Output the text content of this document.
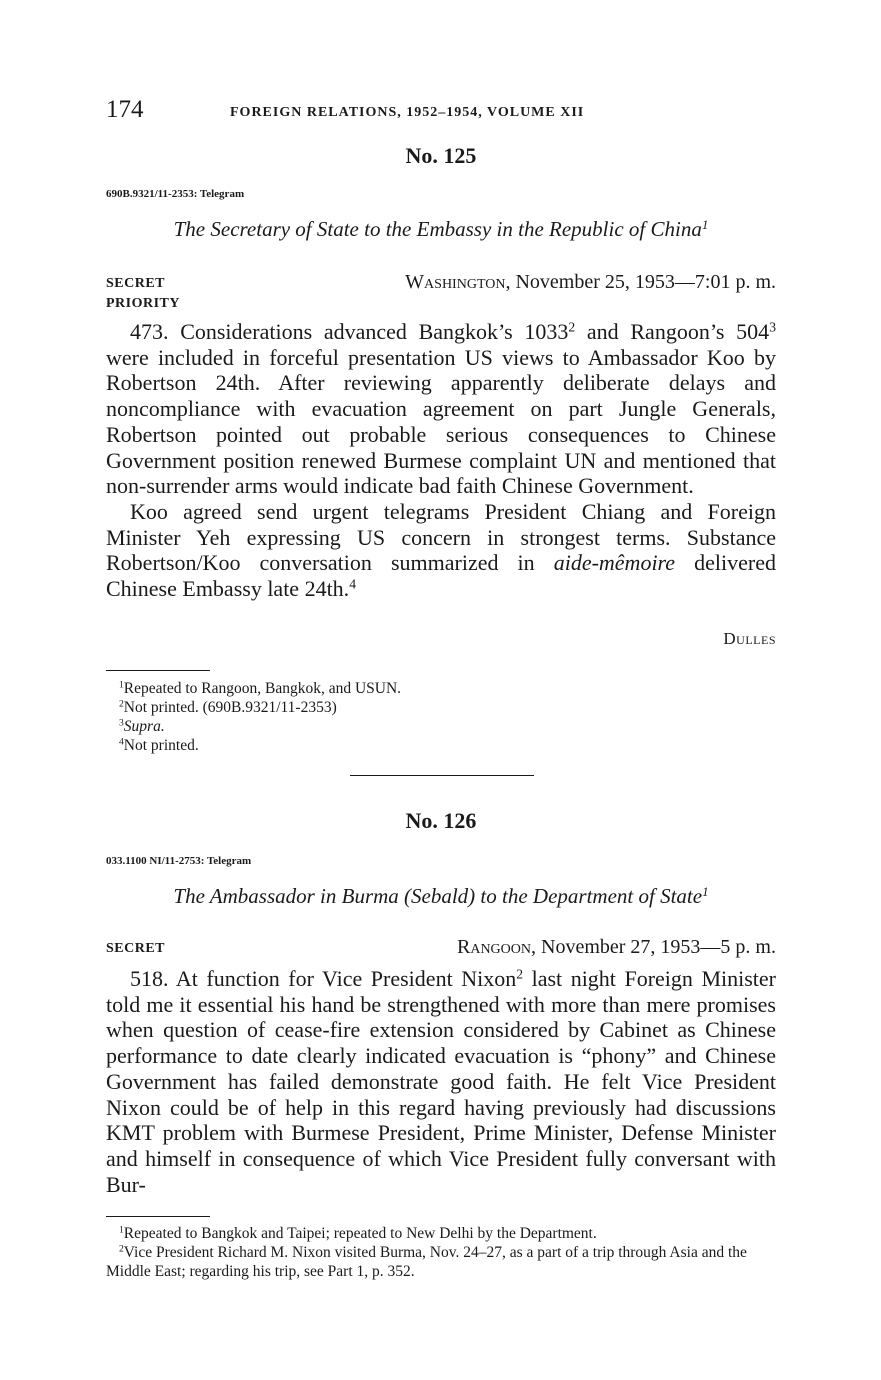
174	FOREIGN RELATIONS, 1952–1954, VOLUME XII
No. 125
690B.9321/11-2353: Telegram
The Secretary of State to the Embassy in the Republic of China$^1$
SECRET	Washington, November 25, 1953—7:01 p. m.
PRIORITY

473. Considerations advanced Bangkok’s 1033$^2$ and Rangoon’s $504^3$ were included in forceful presentation US views to Ambassador Koo by Robertson 24th. After reviewing apparently deliberate delays and noncompliance with evacuation agreement on part Jungle Generals, Robertson pointed out probable serious consequences to Chinese Government position renewed Burmese complaint UN and mentioned that non-surrender arms would indicate bad faith Chinese Government.

Koo agreed send urgent telegrams President Chiang and Foreign Minister Yeh expressing US concern in strongest terms. Substance Robertson/Koo conversation summarized in aide-mêmoire delivered Chinese Embassy late 24th.$^4$

Dulles

$^1$Repeated to Rangoon, Bangkok, and USUN.

$^2$Not printed. (690B.9321/11-2353)

$^3$Supra.

$^4$Not printed.

No. 126
033.1100 NI/11-2753: Telegram
The Ambassador in Burma (Sebald) to the Department of State$^1$
SECRET	Rangoon, November 27, 1953—5 p. m.

518. At function for Vice President Nixon$^2$ last night Foreign Minister told me it essential his hand be strengthened with more than mere promises when question of cease-fire extension considered by Cabinet as Chinese performance to date clearly indicated evacuation is “phony” and Chinese Government has failed demonstrate good faith. He felt Vice President Nixon could be of help in this regard having previously had discussions KMT problem with Burmese President, Prime Minister, Defense Minister and himself in consequence of which Vice President fully conversant with Bur-

$^1$Repeated to Bangkok and Taipei; repeated to New Delhi by the Department.

$^2$Vice President Richard M. Nixon visited Burma, Nov. 24–27, as a part of a trip through Asia and the Middle East; regarding his trip, see Part 1, p. 352.
